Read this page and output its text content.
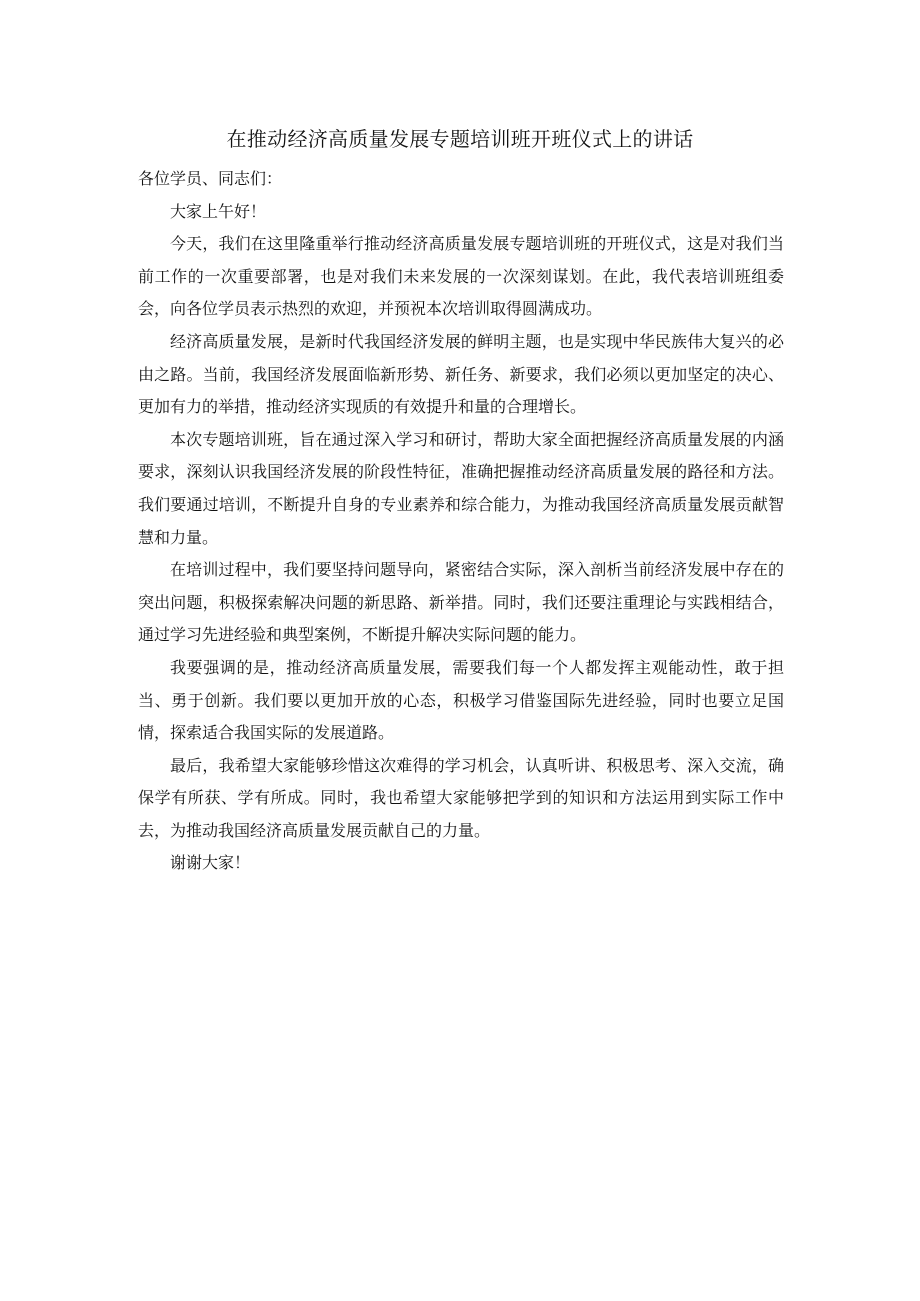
在推动经济高质量发展专题培训班开班仪式上的讲话

各位学员、同志们：

大家上午好！

今天，我们在这里隆重举行推动经济高质量发展专题培训班的开班仪式，这是对我们当前工作的一次重要部署，也是对我们未来发展的一次深刻谋划。在此，我代表培训班组委会，向各位学员表示热烈的欢迎，并预祝本次培训取得圆满成功。

经济高质量发展，是新时代我国经济发展的鲜明主题，也是实现中华民族伟大复兴的必由之路。当前，我国经济发展面临新形势、新任务、新要求，我们必须以更加坚定的决心、更加有力的举措，推动经济实现质的有效提升和量的合理增长。

本次专题培训班，旨在通过深入学习和研讨，帮助大家全面把握经济高质量发展的内涵要求，深刻认识我国经济发展的阶段性特征，准确把握推动经济高质量发展的路径和方法。我们要通过培训，不断提升自身的专业素养和综合能力，为推动我国经济高质量发展贡献智慧和力量。

在培训过程中，我们要坚持问题导向，紧密结合实际，深入剖析当前经济发展中存在的突出问题，积极探索解决问题的新思路、新举措。同时，我们还要注重理论与实践相结合，通过学习先进经验和典型案例，不断提升解决实际问题的能力。

我要强调的是，推动经济高质量发展，需要我们每一个人都发挥主观能动性，敢于担当、勇于创新。我们要以更加开放的心态，积极学习借鉴国际先进经验，同时也要立足国情，探索适合我国实际的发展道路。

最后，我希望大家能够珍惜这次难得的学习机会，认真听讲、积极思考、深入交流，确保学有所获、学有所成。同时，我也希望大家能够把学到的知识和方法运用到实际工作中去，为推动我国经济高质量发展贡献自己的力量。

谢谢大家！
